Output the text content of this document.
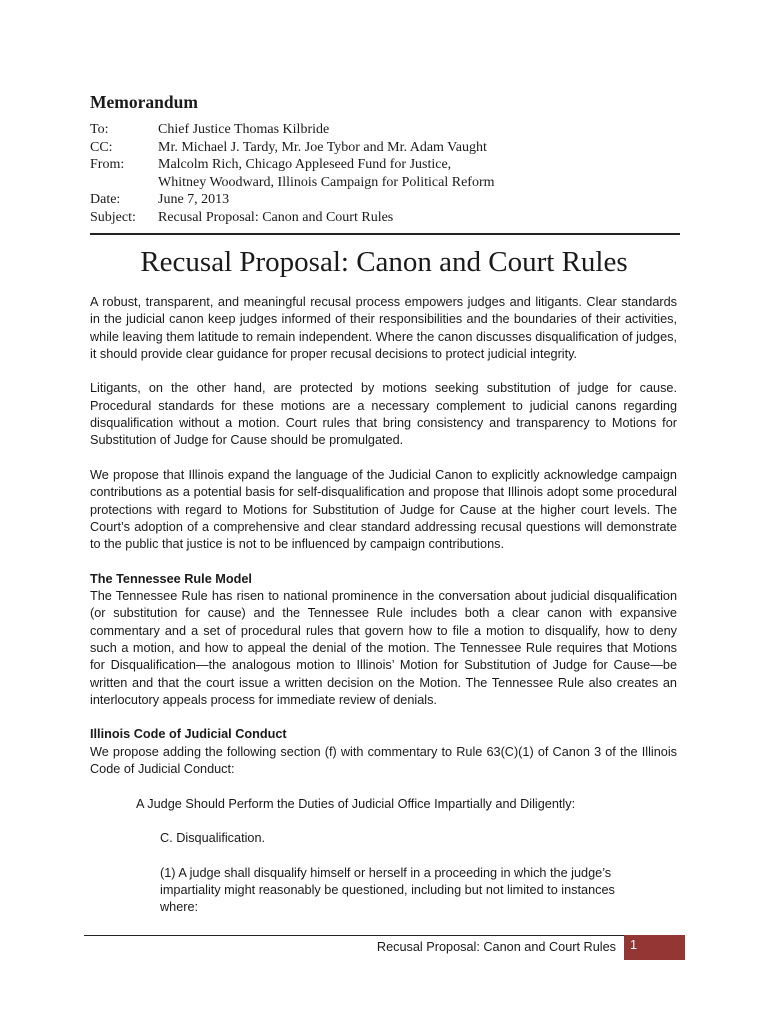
Memorandum
To:	Chief Justice Thomas Kilbride
CC:	Mr. Michael J. Tardy, Mr. Joe Tybor and Mr. Adam Vaught
From:	Malcolm Rich, Chicago Appleseed Fund for Justice,
Whitney Woodward, Illinois Campaign for Political Reform
Date:	June 7, 2013
Subject:	Recusal Proposal: Canon and Court Rules
Recusal Proposal: Canon and Court Rules

A robust, transparent, and meaningful recusal process empowers judges and litigants. Clear standards in the judicial canon keep judges informed of their responsibilities and the boundaries of their activities, while leaving them latitude to remain independent. Where the canon discusses disqualification of judges, it should provide clear guidance for proper recusal decisions to protect judicial integrity.

Litigants, on the other hand, are protected by motions seeking substitution of judge for cause. Procedural standards for these motions are a necessary complement to judicial canons regarding disqualification without a motion. Court rules that bring consistency and transparency to Motions for Substitution of Judge for Cause should be promulgated.

We propose that Illinois expand the language of the Judicial Canon to explicitly acknowledge campaign contributions as a potential basis for self-disqualification and propose that Illinois adopt some procedural protections with regard to Motions for Substitution of Judge for Cause at the higher court levels. The Court’s adoption of a comprehensive and clear standard addressing recusal questions will demonstrate to the public that justice is not to be influenced by campaign contributions.

The Tennessee Rule Model

The Tennessee Rule has risen to national prominence in the conversation about judicial disqualification (or substitution for cause) and the Tennessee Rule includes both a clear canon with expansive commentary and a set of procedural rules that govern how to file a motion to disqualify, how to deny such a motion, and how to appeal the denial of the motion. The Tennessee Rule requires that Motions for Disqualification—the analogous motion to Illinois’ Motion for Substitution of Judge for Cause—be written and that the court issue a written decision on the Motion. The Tennessee Rule also creates an interlocutory appeals process for immediate review of denials.

Illinois Code of Judicial Conduct

We propose adding the following section (f) with commentary to Rule 63(C)(1) of Canon 3 of the Illinois Code of Judicial Conduct:

A Judge Should Perform the Duties of Judicial Office Impartially and Diligently:

C. Disqualification.

(1) A judge shall disqualify himself or herself in a proceeding in which the judge’s impartiality might reasonably be questioned, including but not limited to instances where:

Recusal Proposal: Canon and Court Rules 1
